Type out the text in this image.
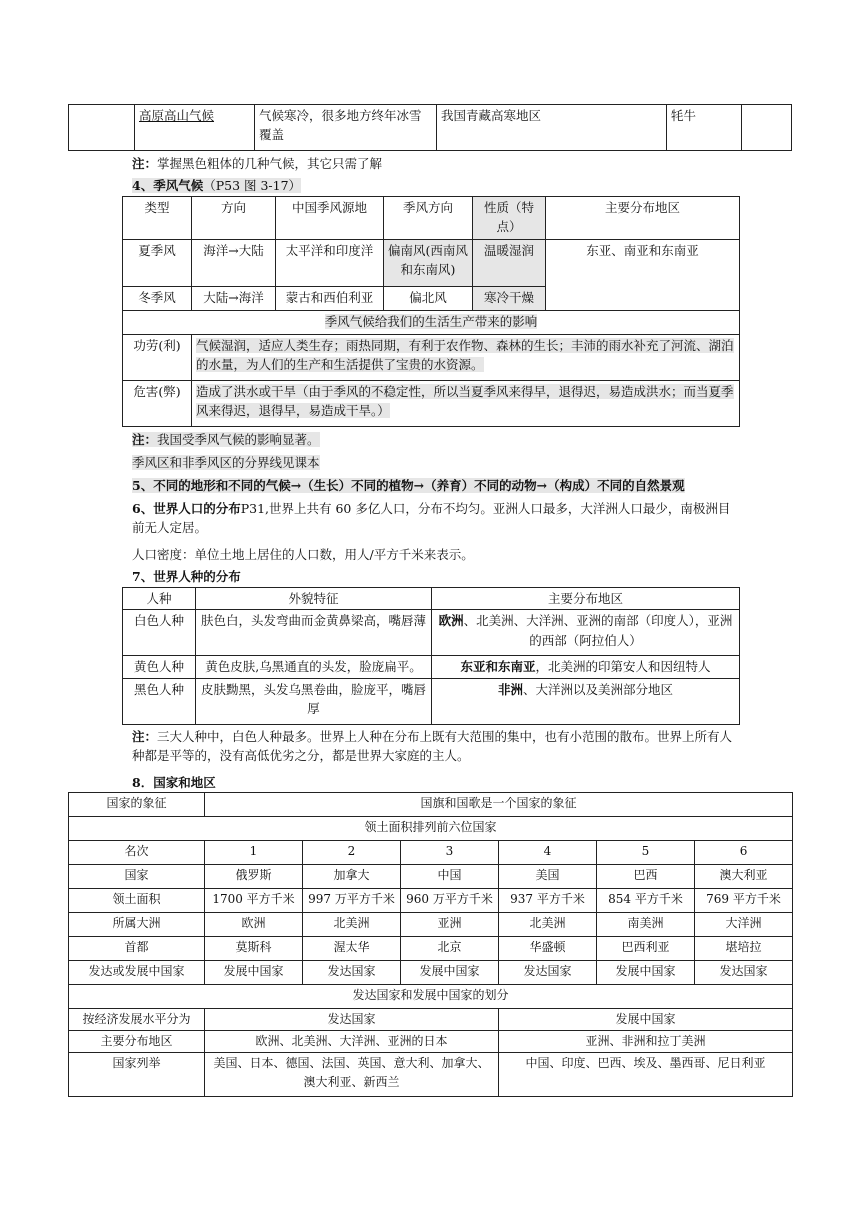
	高原高山气候	气候寒冷，很多地方终年冰雪覆盖	我国青藏高寒地区	牦牛	
注：掌握黑色粗体的几种气候，其它只需了解
4、季风气候（P53 图 3-17）
类型	方向	中国季风源地	季风方向	性质（特点）	主要分布地区
夏季风	海洋→大陆	太平洋和印度洋	偏南风(西南风和东南风)	温暖湿润	东亚、南亚和东南亚
冬季风	大陆→海洋	蒙古和西伯利亚	偏北风	寒冷干燥	
季风气候给我们的生活生产带来的影响					
功劳(利)	气候湿润，适应人类生存；雨热同期，有利于农作物、森林的生长；丰沛的雨水补充了河流、湖泊的水量，为人们的生产和生活提供了宝贵的水资源。				
危害(弊)	造成了洪水或干旱（由于季风的不稳定性，所以当夏季风来得早，退得迟，易造成洪水；而当夏季风来得迟，退得早，易造成干旱。）				
注：我国受季风气候的影响显著。
季风区和非季风区的分界线见课本
5、不同的地形和不同的气候→（生长）不同的植物→（养育）不同的动物→（构成）不同的自然景观
6、世界人口的分布P31,世界上共有 60 多亿人口，分布不均匀。亚洲人口最多，大洋洲人口最少，南极洲目前无人定居。
人口密度：单位土地上居住的人口数，用人/平方千米来表示。
7、世界人种的分布
人种	外貌特征	主要分布地区
白色人种	肤色白，头发弯曲而金黄鼻梁高，嘴唇薄	欧洲、北美洲、大洋洲、亚洲的南部（印度人），亚洲的西部（阿拉伯人）
黄色人种	黄色皮肤,乌黑通直的头发，脸庞扁平。	东亚和东南亚，北美洲的印第安人和因纽特人
黑色人种	皮肤黝黑，头发乌黑卷曲，脸庞平，嘴唇厚	非洲、大洋洲以及美洲部分地区
注：三大人种中，白色人种最多。世界上人种在分布上既有大范围的集中，也有小范围的散布。世界上所有人种都是平等的，没有高低优劣之分，都是世界大家庭的主人。
8．国家和地区
国家的象征	国旗和国歌是一个国家的象征					
领土面积排列前六位国家						
名次	1	2	3	4	5	6
国家	俄罗斯	加拿大	中国	美国	巴西	澳大利亚
领土面积	1700 平方千米	997 万平方千米	960 万平方千米	937 平方千米	854 平方千米	769 平方千米
所属大洲	欧洲	北美洲	亚洲	北美洲	南美洲	大洋洲
首都	莫斯科	渥太华	北京	华盛顿	巴西利亚	堪培拉
发达或发展中国家	发展中国家	发达国家	发展中国家	发达国家	发展中国家	发达国家
发达国家和发展中国家的划分						
按经济发展水平分为	发达国家			发展中国家		
主要分布地区	欧洲、北美洲、大洋洲、亚洲的日本			亚洲、非洲和拉丁美洲		
国家列举	美国、日本、德国、法国、英国、意大利、加拿大、澳大利亚、新西兰			中国、印度、巴西、埃及、墨西哥、尼日利亚		
